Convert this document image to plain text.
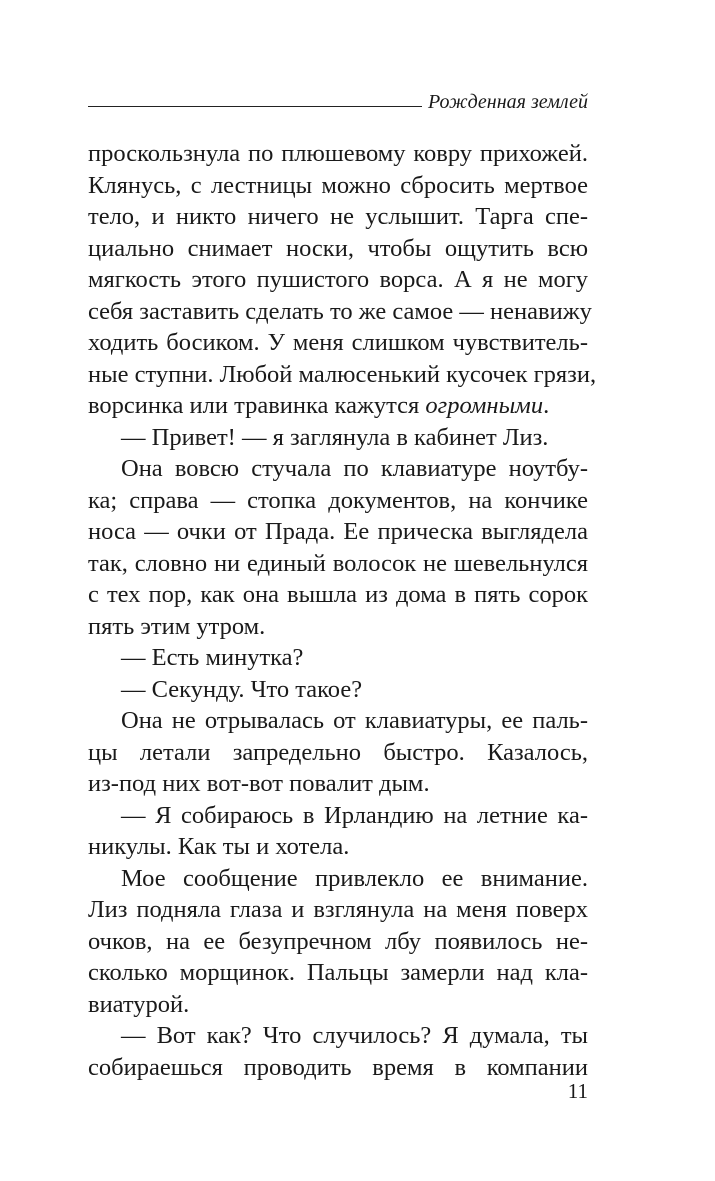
Рожденная землей
проскользнула по плюшевому ковру прихожей.
Клянусь, с лестницы можно сбросить мертвое
тело, и никто ничего не услышит. Тарга спе-
циально снимает носки, чтобы ощутить всю
мягкость этого пушистого ворса. А я не могу
себя заставить сделать то же самое — ненавижу
ходить босиком. У меня слишком чувствитель-
ные ступни. Любой малюсенький кусочек грязи,
ворсинка или травинка кажутся огромными.
— Привет! — я заглянула в кабинет Лиз.
Она вовсю стучала по клавиатуре ноутбу-
ка; справа — стопка документов, на кончике
носа — очки от Прада. Ее прическа выглядела
так, словно ни единый волосок не шевельнулся
с тех пор, как она вышла из дома в пять сорок
пять этим утром.
— Есть минутка?
— Секунду. Что такое?
Она не отрывалась от клавиатуры, ее паль-
цы летали запредельно быстро. Казалось,
из-под них вот-вот повалит дым.
— Я собираюсь в Ирландию на летние ка-
никулы. Как ты и хотела.
Мое сообщение привлекло ее внимание.
Лиз подняла глаза и взглянула на меня поверх
очков, на ее безупречном лбу появилось не-
сколько морщинок. Пальцы замерли над кла-
виатурой.
— Вот как? Что случилось? Я думала, ты
собираешься проводить время в компании
11
